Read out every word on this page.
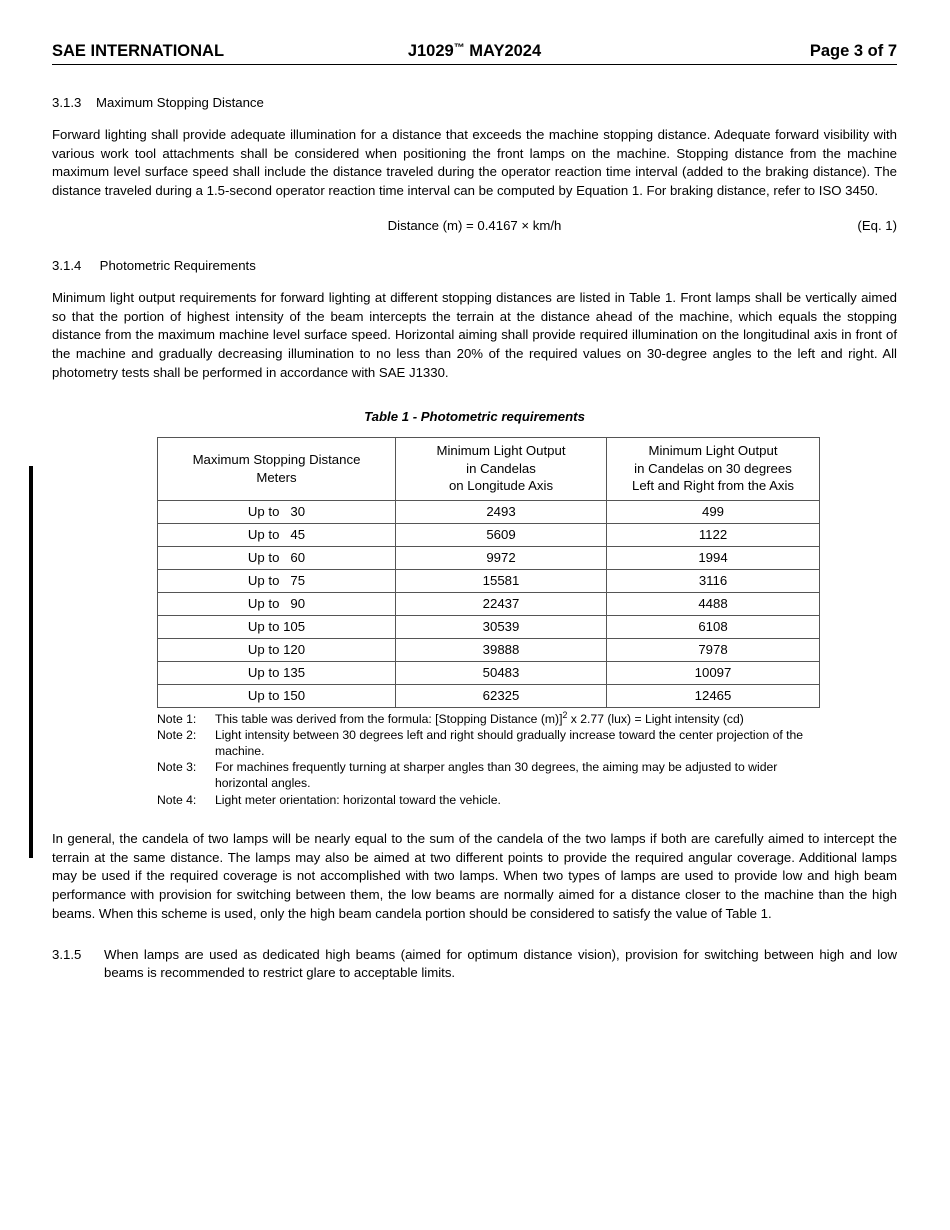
SAE INTERNATIONAL	J1029™ MAY2024	Page 3 of 7
3.1.3 Maximum Stopping Distance

Forward lighting shall provide adequate illumination for a distance that exceeds the machine stopping distance. Adequate forward visibility with various work tool attachments shall be considered when positioning the front lamps on the machine. Stopping distance from the machine maximum level surface speed shall include the distance traveled during the operator reaction time interval (added to the braking distance). The distance traveled during a 1.5-second operator reaction time interval can be computed by Equation 1. For braking distance, refer to ISO 3450.

Distance (m) = 0.4167 × km/h	(Eq. 1)
3.1.4 Photometric Requirements

Minimum light output requirements for forward lighting at different stopping distances are listed in Table 1. Front lamps shall be vertically aimed so that the portion of highest intensity of the beam intercepts the terrain at the distance ahead of the machine, which equals the stopping distance from the maximum machine level surface speed. Horizontal aiming shall provide required illumination on the longitudinal axis in front of the machine and gradually decreasing illumination to no less than 20% of the required values on 30-degree angles to the left and right. All photometry tests shall be performed in accordance with SAE J1330.

Table 1 - Photometric requirements
Maximum Stopping Distance
Meters	Minimum Light Output
in Candelas
on Longitude Axis	Minimum Light Output
in Candelas on 30 degrees
Left and Right from the Axis

Up to   30	2493	499
Up to   45	5609	1122
Up to   60	9972	1994
Up to   75	15581	3116
Up to   90	22437	4488
Up to 105	30539	6108
Up to 120	39888	7978
Up to 135	50483	10097
Up to 150	62325	12465
Note 1:	This table was derived from the formula: [Stopping Distance (m)]$^2$ x 2.77 (lux) = Light intensity (cd)
Note 2:	Light intensity between 30 degrees left and right should gradually increase toward the center projection of the machine.
Note 3:	For machines frequently turning at sharper angles than 30 degrees, the aiming may be adjusted to wider horizontal angles.
Note 4:	Light meter orientation: horizontal toward the vehicle.

In general, the candela of two lamps will be nearly equal to the sum of the candela of the two lamps if both are carefully aimed to intercept the terrain at the same distance. The lamps may also be aimed at two different points to provide the required angular coverage. Additional lamps may be used if the required coverage is not accomplished with two lamps. When two types of lamps are used to provide low and high beam performance with provision for switching between them, the low beams are normally aimed for a distance closer to the machine than the high beams. When this scheme is used, only the high beam candela portion should be considered to satisfy the value of Table 1.

3.1.5	When lamps are used as dedicated high beams (aimed for optimum distance vision), provision for switching between high and low beams is recommended to restrict glare to acceptable limits.
